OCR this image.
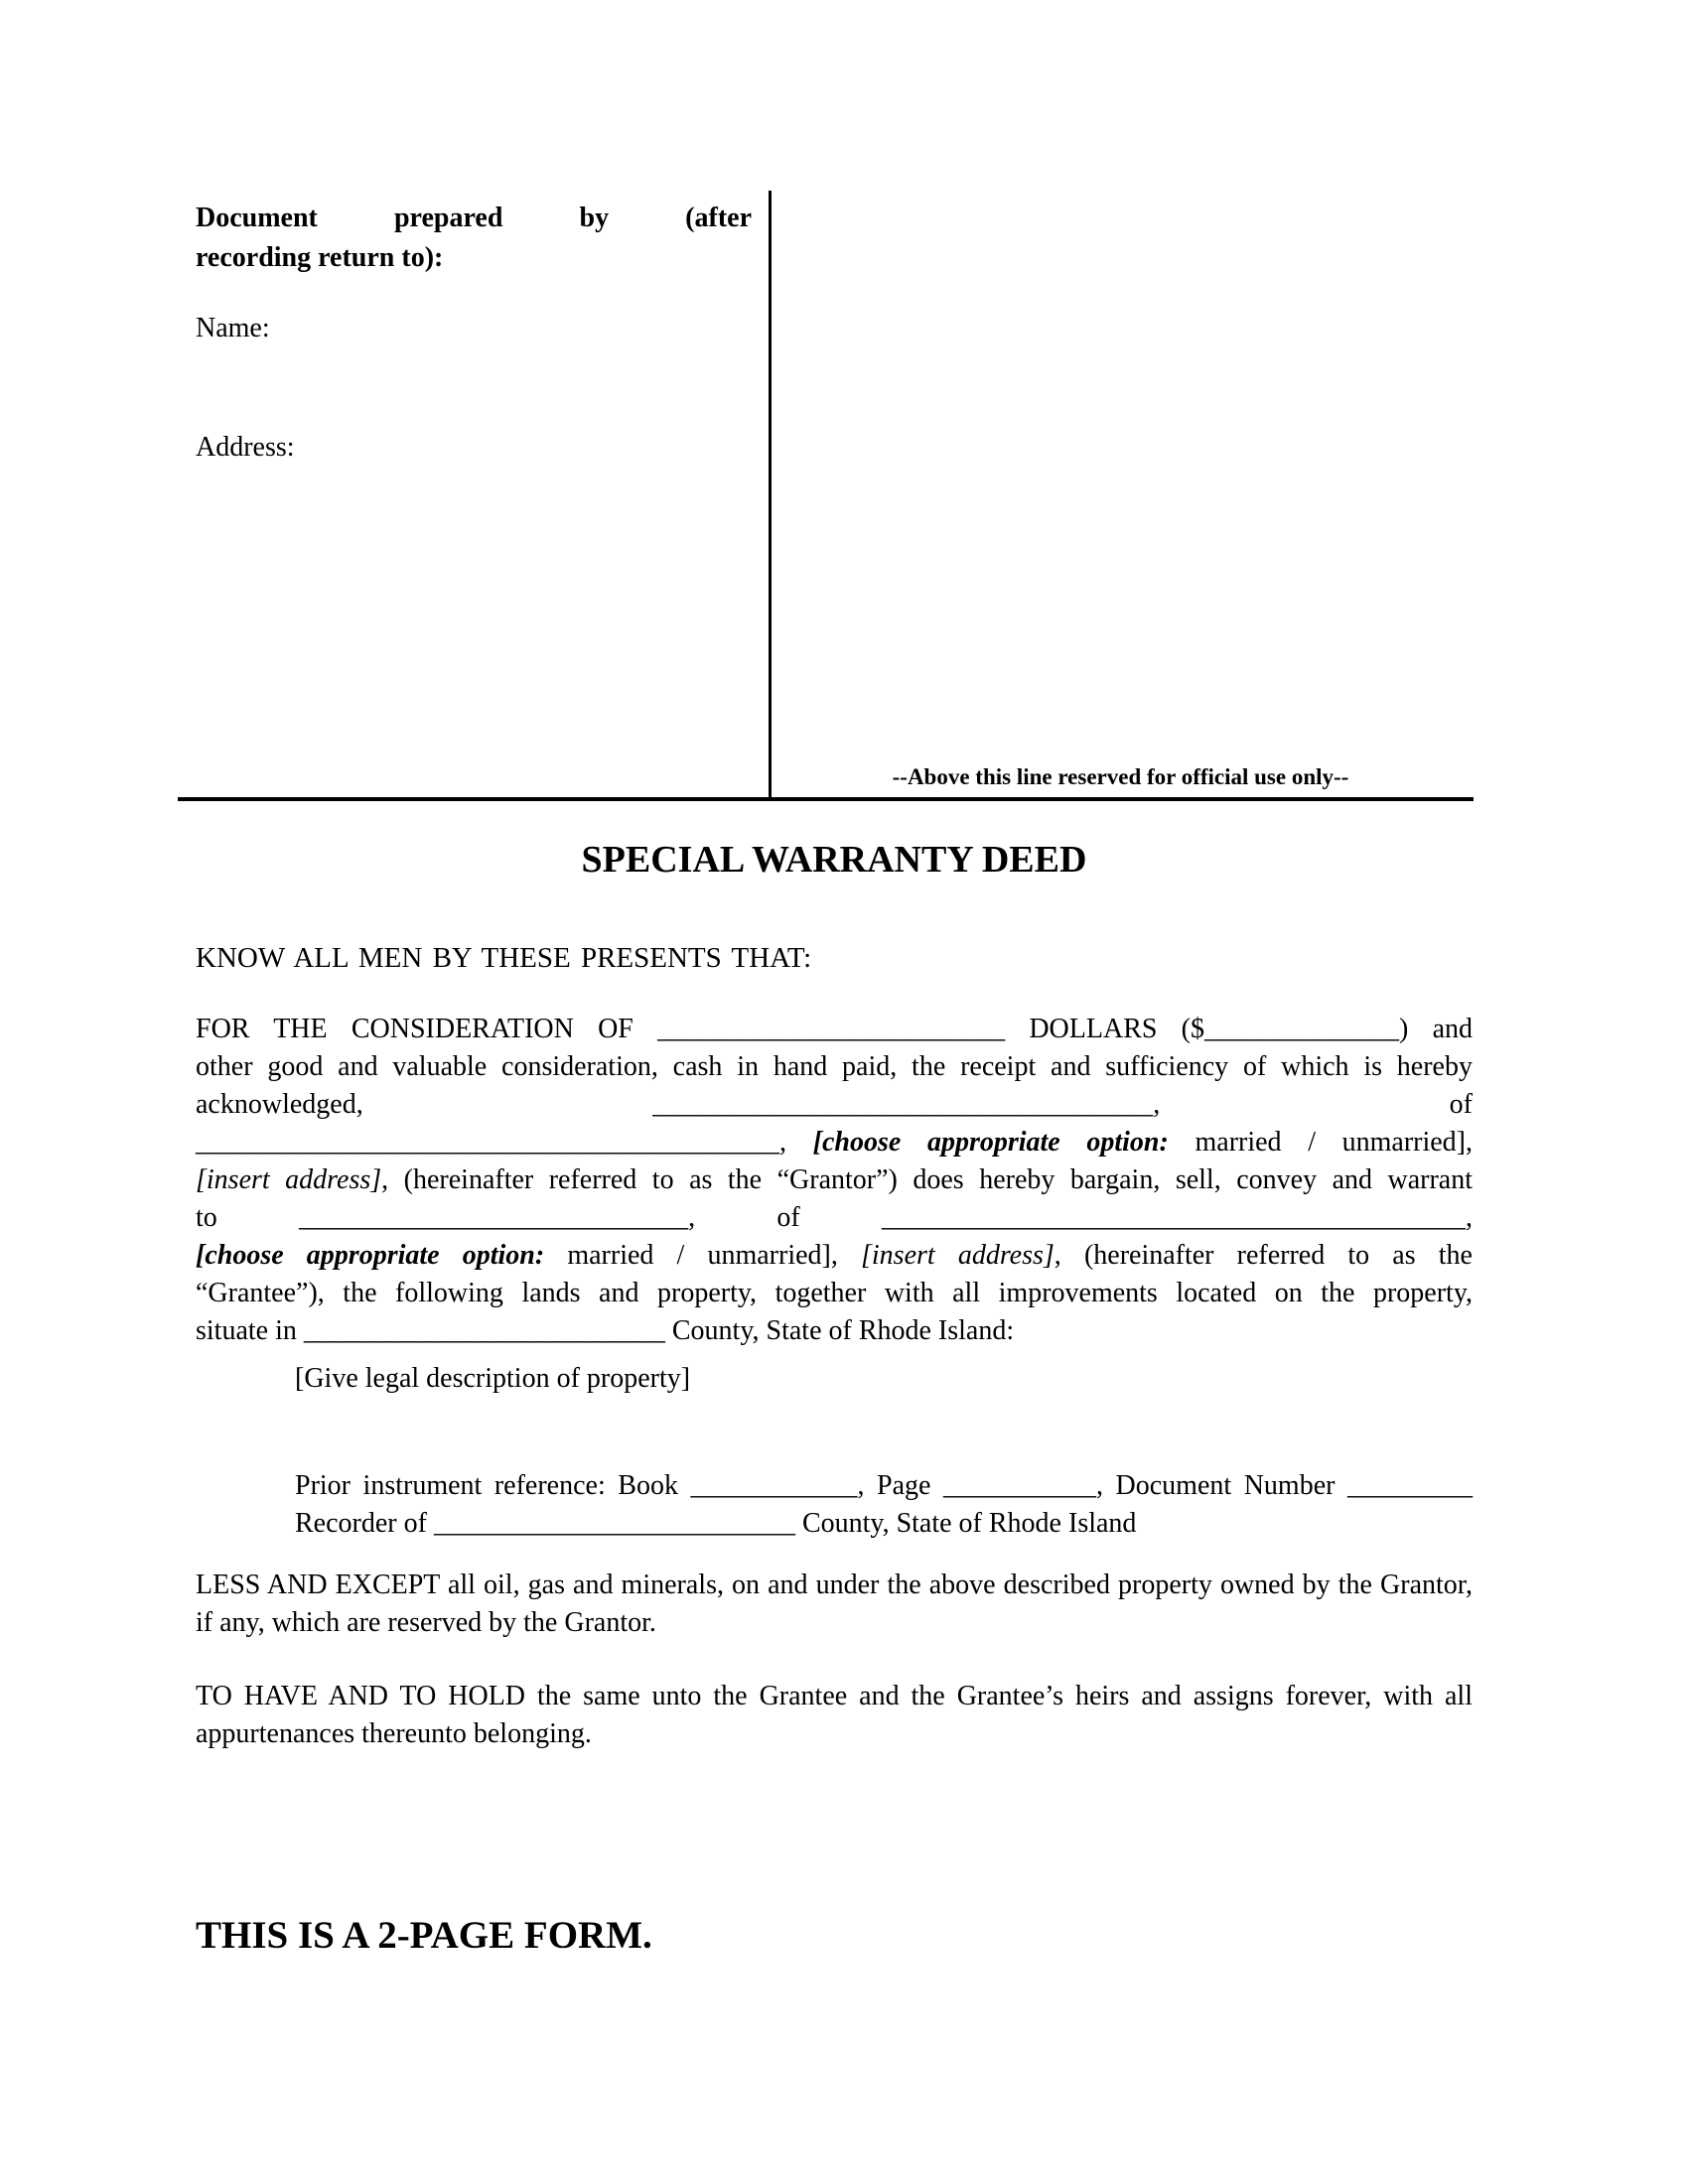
Document prepared by (after
recording return to):
Name:
Address:
--Above this line reserved for official use only--
SPECIAL WARRANTY DEED
KNOW ALL MEN BY THESE PRESENTS THAT:
FOR THE CONSIDERATION OF _________________________ DOLLARS ($______________) and
other good and valuable consideration, cash in hand paid, the receipt and sufficiency of which is hereby
acknowledged, ____________________________________, of
__________________________________________, [choose appropriate option: married / unmarried],
[insert address], (hereinafter referred to as the “Grantor”) does hereby bargain, sell, convey and warrant
to ____________________________, of __________________________________________,
[choose appropriate option: married / unmarried], [insert address], (hereinafter referred to as the
“Grantee”), the following lands and property, together with all improvements located on the property,
situate in __________________________ County, State of Rhode Island:
[Give legal description of property]
Prior instrument reference: Book ____________, Page ___________, Document Number _________
Recorder of __________________________ County, State of Rhode Island
LESS AND EXCEPT all oil, gas and minerals, on and under the above described property owned by the Grantor, if any, which are reserved by the Grantor.
TO HAVE AND TO HOLD the same unto the Grantee and the Grantee’s heirs and assigns forever, with all appurtenances thereunto belonging.
THIS IS A 2-PAGE FORM.
